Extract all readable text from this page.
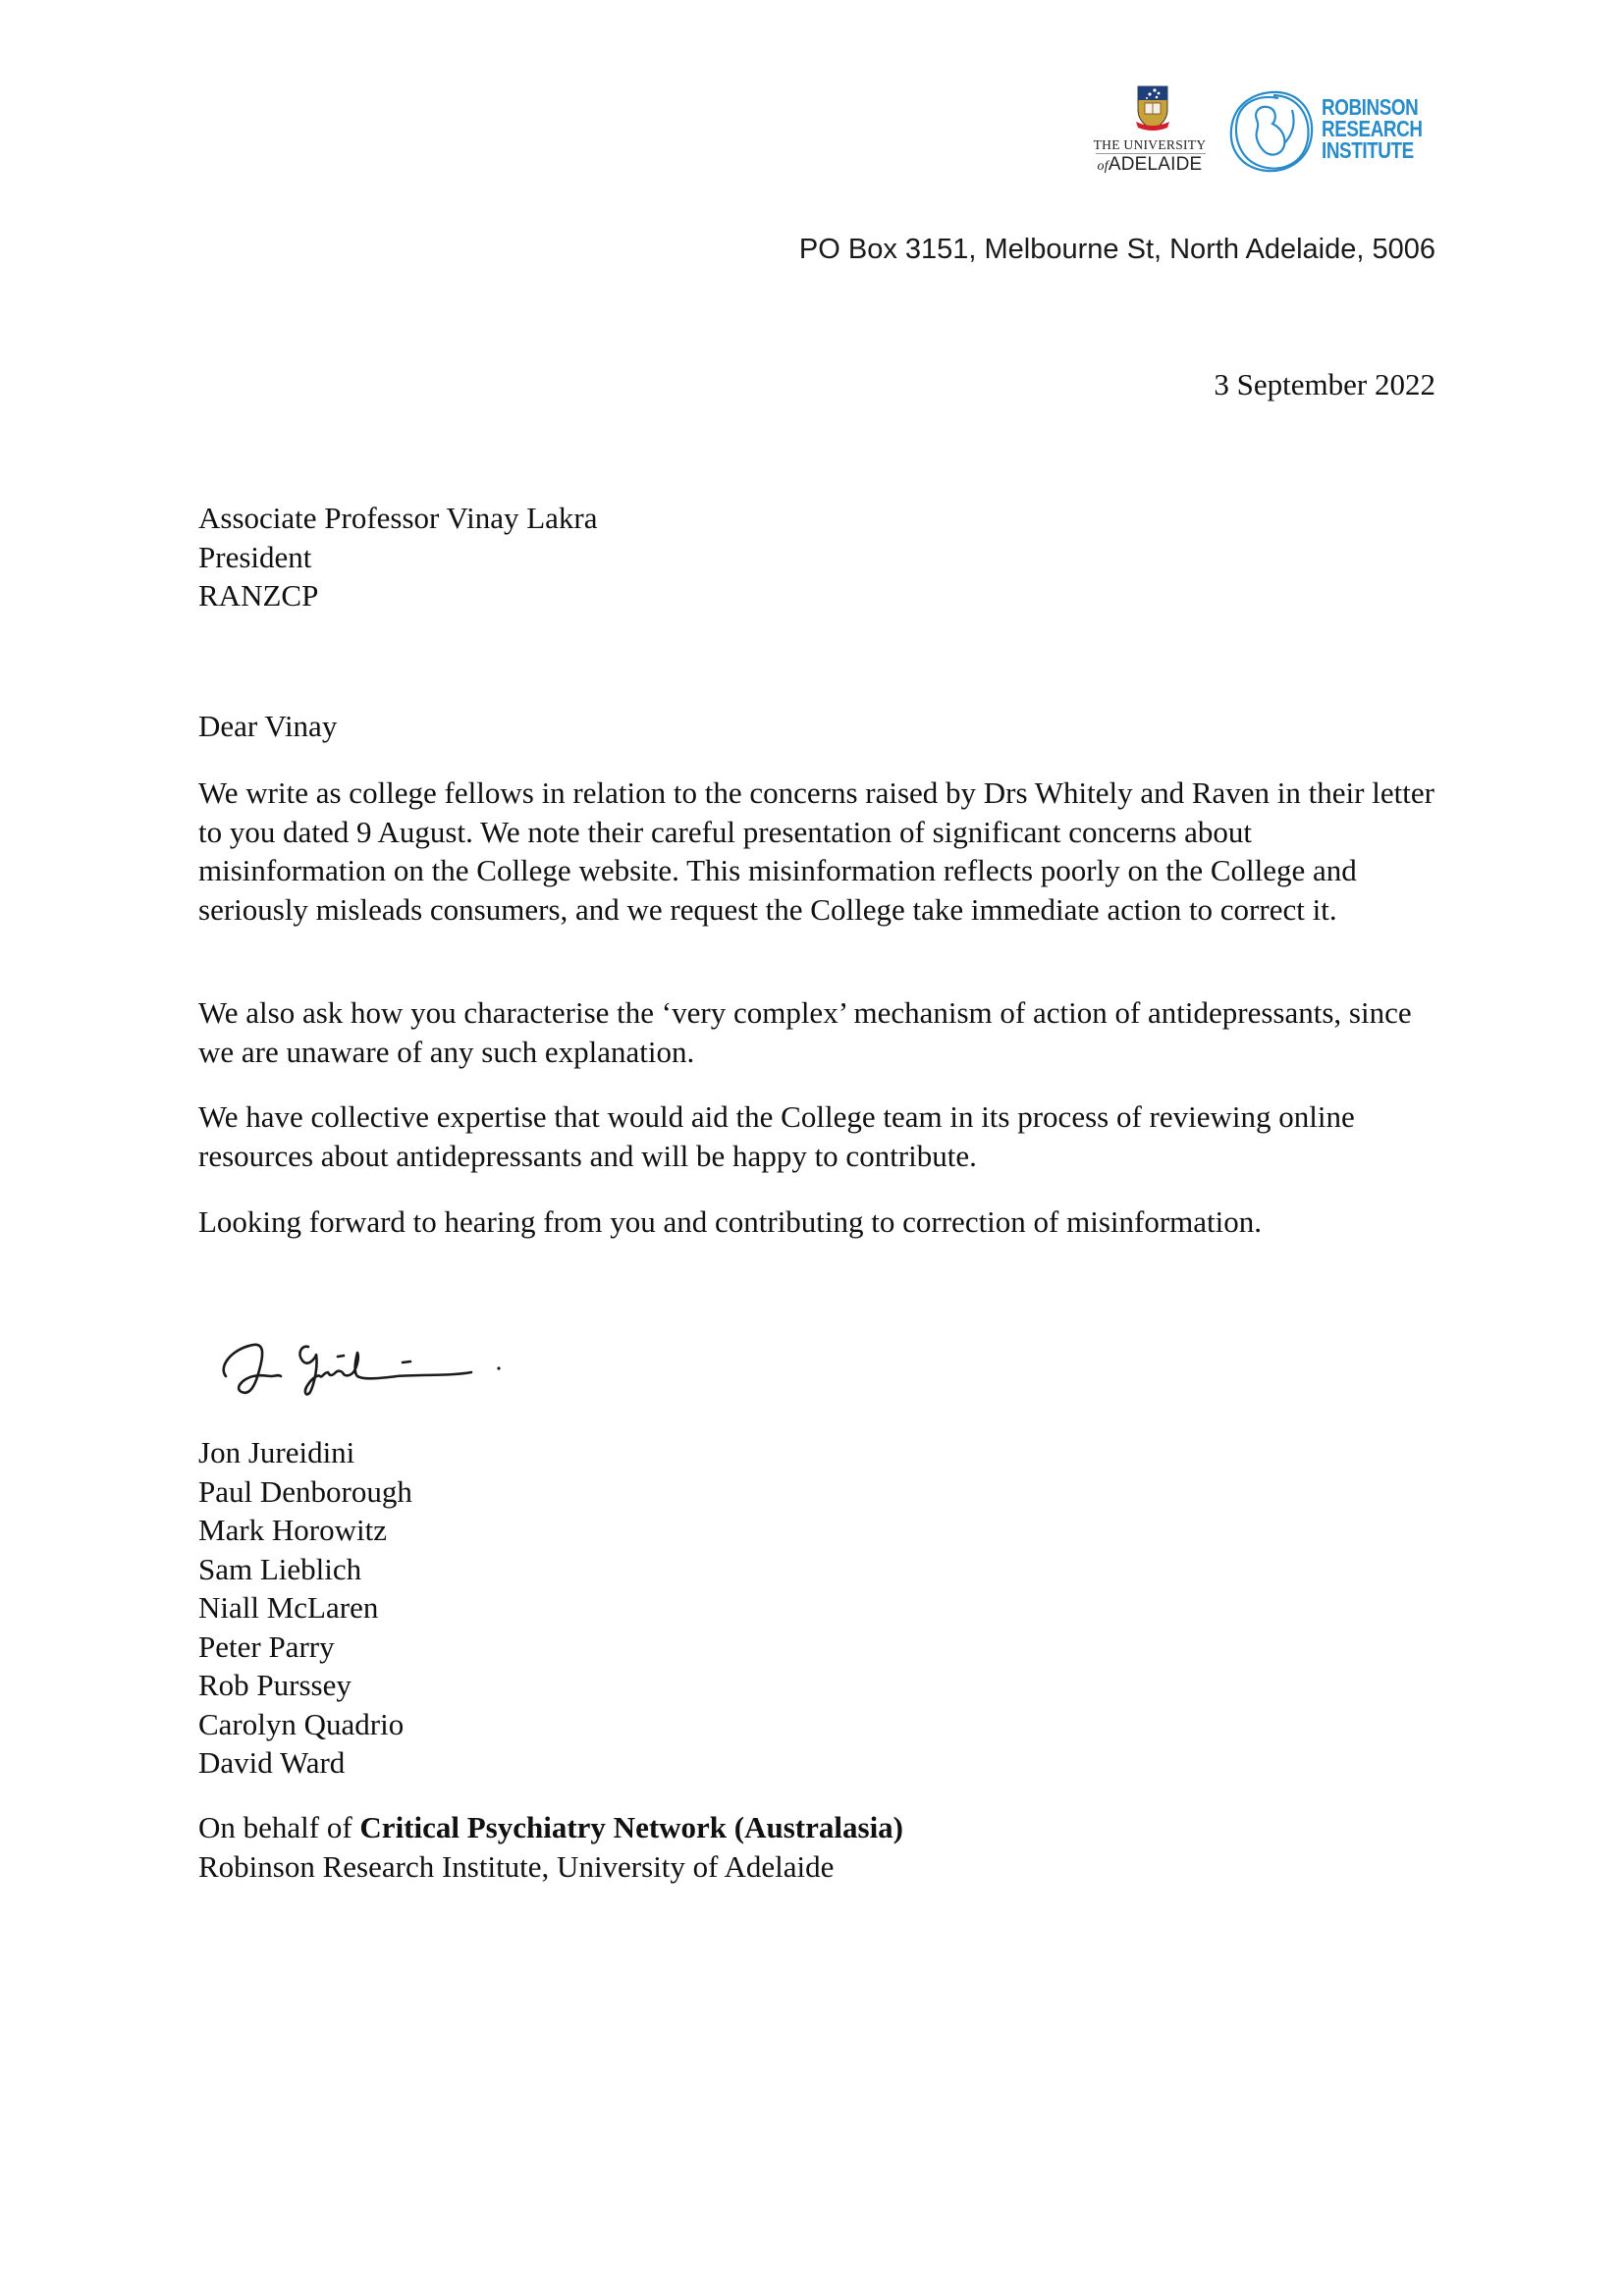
THE UNIVERSITY
ofADELAIDE
ROBINSON
RESEARCH
INSTITUTE
PO Box 3151, Melbourne St, North Adelaide, 5006
3 September 2022
Associate Professor Vinay Lakra
President
RANZCP
Dear Vinay
We write as college fellows in relation to the concerns raised by Drs Whitely and Raven in their letter to you dated 9 August. We note their careful presentation of significant concerns about misinformation on the College website. This misinformation reflects poorly on the College and seriously misleads consumers, and we request the College take immediate action to correct it.
We also ask how you characterise the ‘very complex’ mechanism of action of antidepressants, since we are unaware of any such explanation.
We have collective expertise that would aid the College team in its process of reviewing online resources about antidepressants and will be happy to contribute.
Looking forward to hearing from you and contributing to correction of misinformation.
Jon Jureidini
Paul Denborough
Mark Horowitz
Sam Lieblich
Niall McLaren
Peter Parry
Rob Purssey
Carolyn Quadrio
David Ward
On behalf of Critical Psychiatry Network (Australasia)
Robinson Research Institute, University of Adelaide
